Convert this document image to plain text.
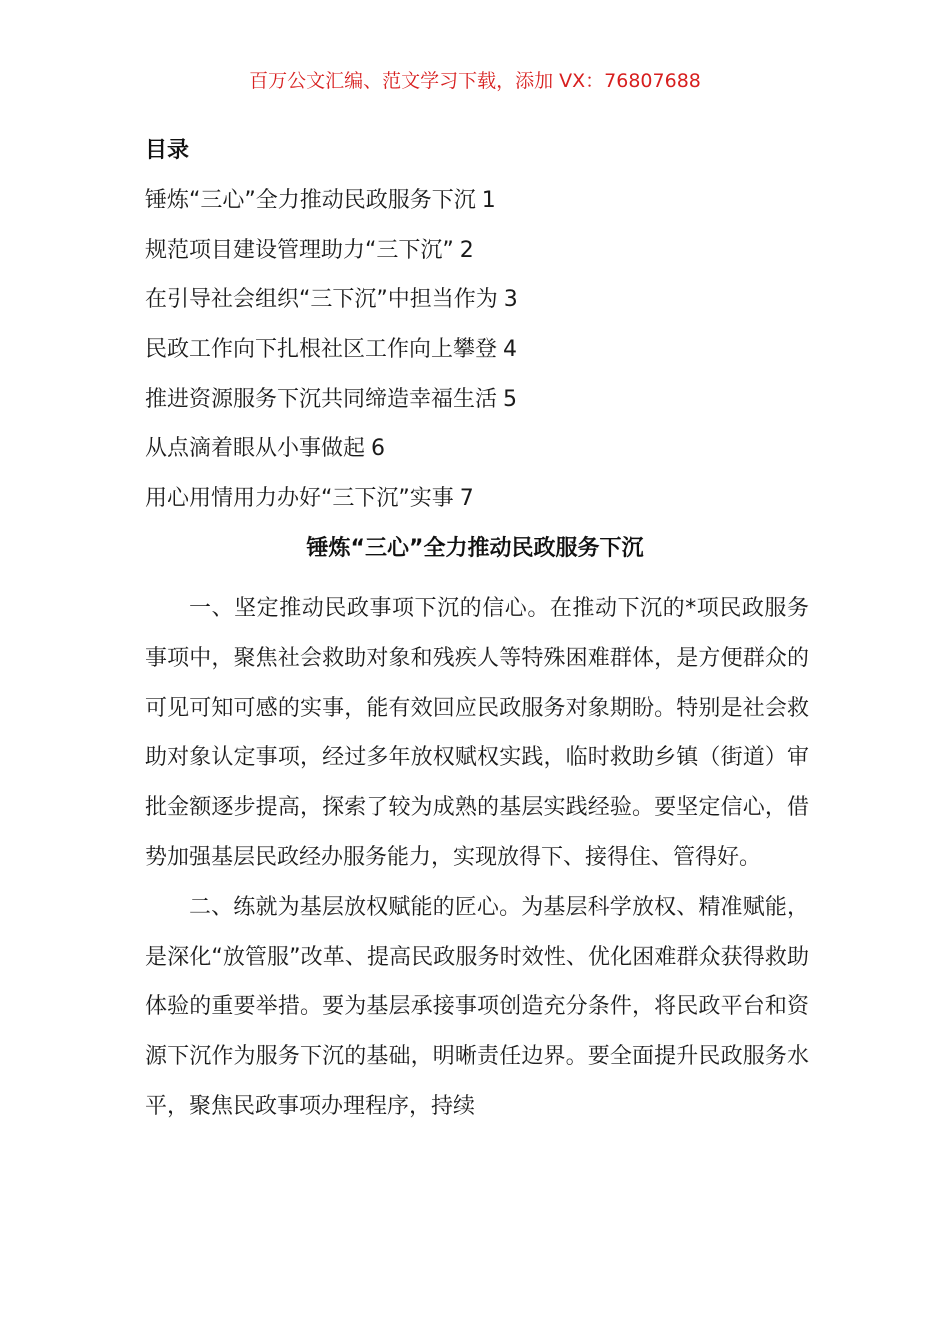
百万公文汇编、范文学习下载，添加 VX：76807688
目录
锤炼“三心”全力推动民政服务下沉 1
规范项目建设管理助力“三下沉” 2
在引导社会组织“三下沉”中担当作为 3
民政工作向下扎根社区工作向上攀登 4
推进资源服务下沉共同缔造幸福生活 5
从点滴着眼从小事做起 6
用心用情用力办好“三下沉”实事 7
锤炼“三心”全力推动民政服务下沉

一、坚定推动民政事项下沉的信心。在推动下沉的*项民政服务事项中，聚焦社会救助对象和残疾人等特殊困难群体，是方便群众的可见可知可感的实事，能有效回应民政服务对象期盼。特别是社会救助对象认定事项，经过多年放权赋权实践，临时救助乡镇（街道）审批金额逐步提高，探索了较为成熟的基层实践经验。要坚定信心，借势加强基层民政经办服务能力，实现放得下、接得住、管得好。

二、练就为基层放权赋能的匠心。为基层科学放权、精准赋能，是深化“放管服”改革、提高民政服务时效性、优化困难群众获得救助体验的重要举措。要为基层承接事项创造充分条件，将民政平台和资源下沉作为服务下沉的基础，明晰责任边界。要全面提升民政服务水平，聚焦民政事项办理程序，持续
